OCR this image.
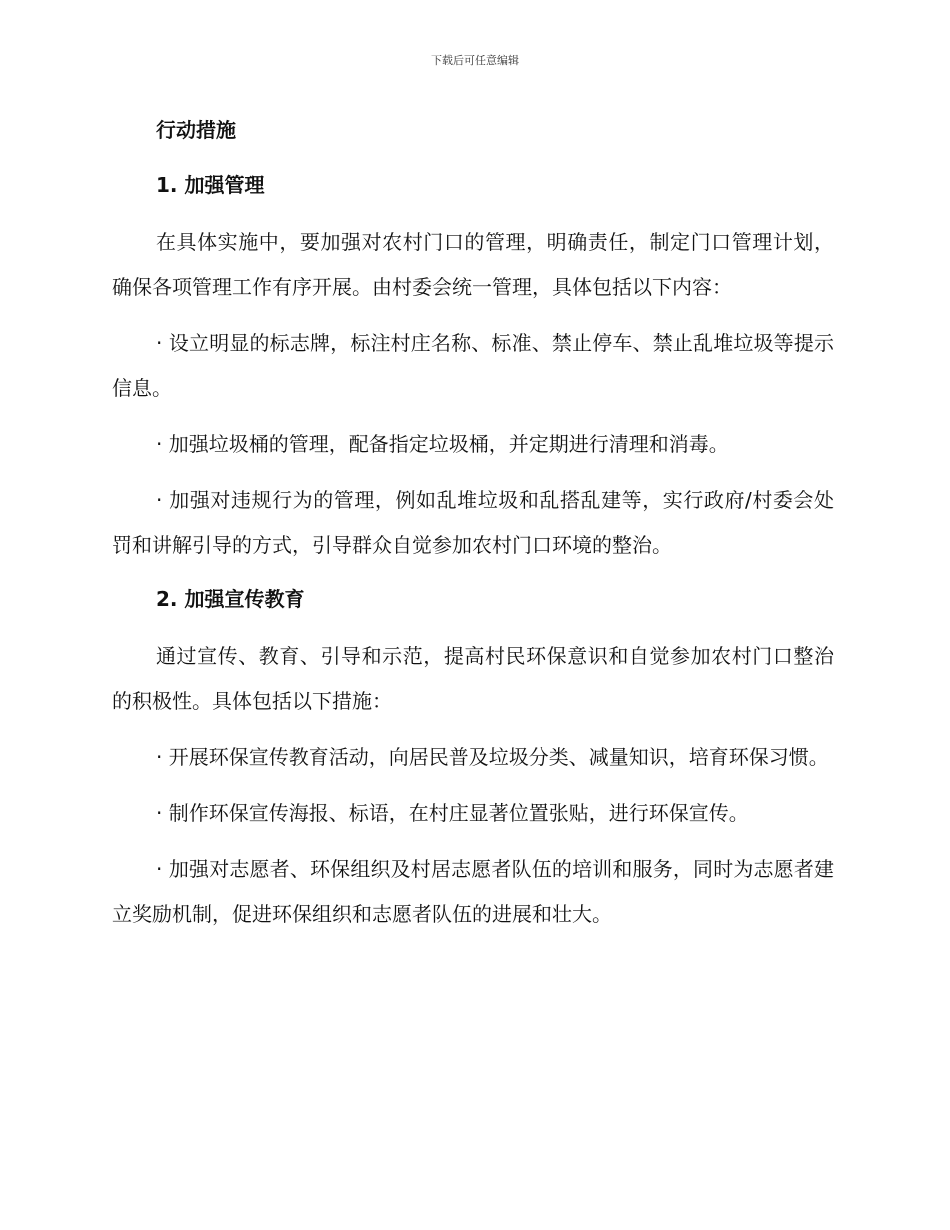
下载后可任意编辑

行动措施

1. 加强管理

在具体实施中，要加强对农村门口的管理，明确责任，制定门口管理计划，确保各项管理工作有序开展。由村委会统一管理，具体包括以下内容：

· 设立明显的标志牌，标注村庄名称、标准、禁止停车、禁止乱堆垃圾等提示信息。

· 加强垃圾桶的管理，配备指定垃圾桶，并定期进行清理和消毒。

· 加强对违规行为的管理，例如乱堆垃圾和乱搭乱建等，实行政府/村委会处罚和讲解引导的方式，引导群众自觉参加农村门口环境的整治。

2. 加强宣传教育

通过宣传、教育、引导和示范，提高村民环保意识和自觉参加农村门口整治的积极性。具体包括以下措施：

· 开展环保宣传教育活动，向居民普及垃圾分类、减量知识，培育环保习惯。

· 制作环保宣传海报、标语，在村庄显著位置张贴，进行环保宣传。

· 加强对志愿者、环保组织及村居志愿者队伍的培训和服务，同时为志愿者建立奖励机制，促进环保组织和志愿者队伍的进展和壮大。
